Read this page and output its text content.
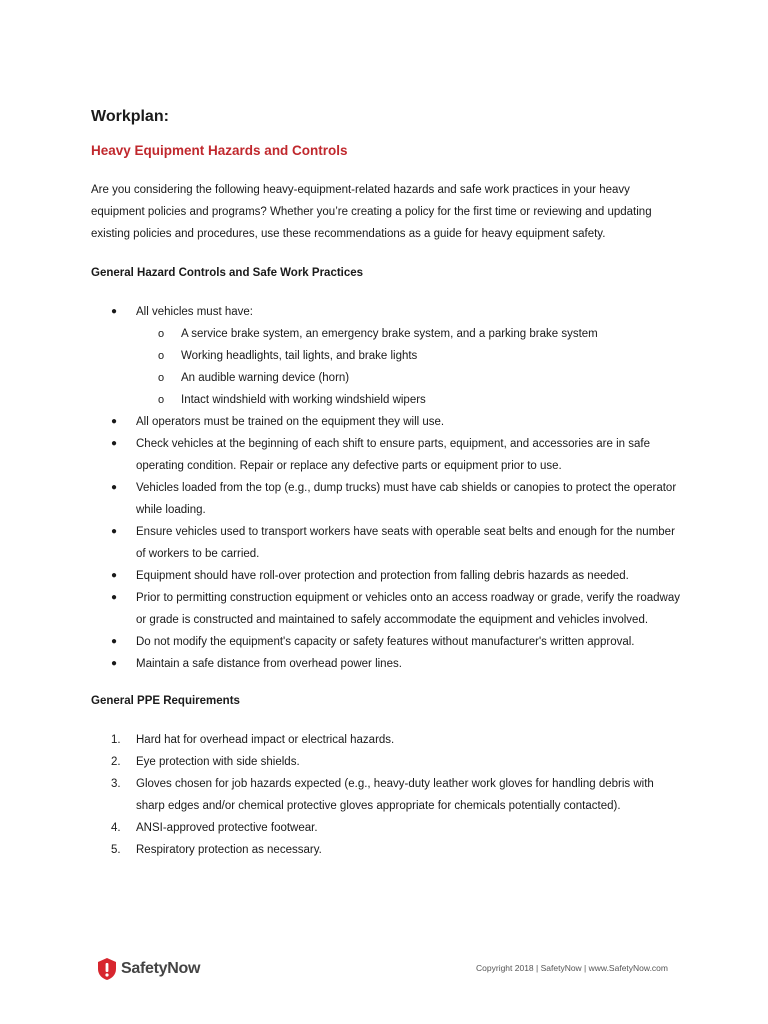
Workplan:
Heavy Equipment Hazards and Controls

Are you considering the following heavy-equipment-related hazards and safe work practices in your heavy equipment policies and programs? Whether you’re creating a policy for the first time or reviewing and updating existing policies and procedures, use these recommendations as a guide for heavy equipment safety.

General Hazard Controls and Safe Work Practices
● All vehicles must have:
o A service brake system, an emergency brake system, and a parking brake system
o Working headlights, tail lights, and brake lights
o An audible warning device (horn)
o Intact windshield with working windshield wipers
● All operators must be trained on the equipment they will use.
● Check vehicles at the beginning of each shift to ensure parts, equipment, and accessories are in safe operating condition. Repair or replace any defective parts or equipment prior to use.
● Vehicles loaded from the top (e.g., dump trucks) must have cab shields or canopies to protect the operator while loading.
● Ensure vehicles used to transport workers have seats with operable seat belts and enough for the number of workers to be carried.
● Equipment should have roll-over protection and protection from falling debris hazards as needed.
● Prior to permitting construction equipment or vehicles onto an access roadway or grade, verify the roadway or grade is constructed and maintained to safely accommodate the equipment and vehicles involved.
● Do not modify the equipment's capacity or safety features without manufacturer's written approval.
● Maintain a safe distance from overhead power lines.
General PPE Requirements
1. Hard hat for overhead impact or electrical hazards.
2. Eye protection with side shields.
3. Gloves chosen for job hazards expected (e.g., heavy-duty leather work gloves for handling debris with sharp edges and/or chemical protective gloves appropriate for chemicals potentially contacted).
4. ANSI-approved protective footwear.
5. Respiratory protection as necessary.
SafetyNow	Copyright 2018 | SafetyNow | www.SafetyNow.com
